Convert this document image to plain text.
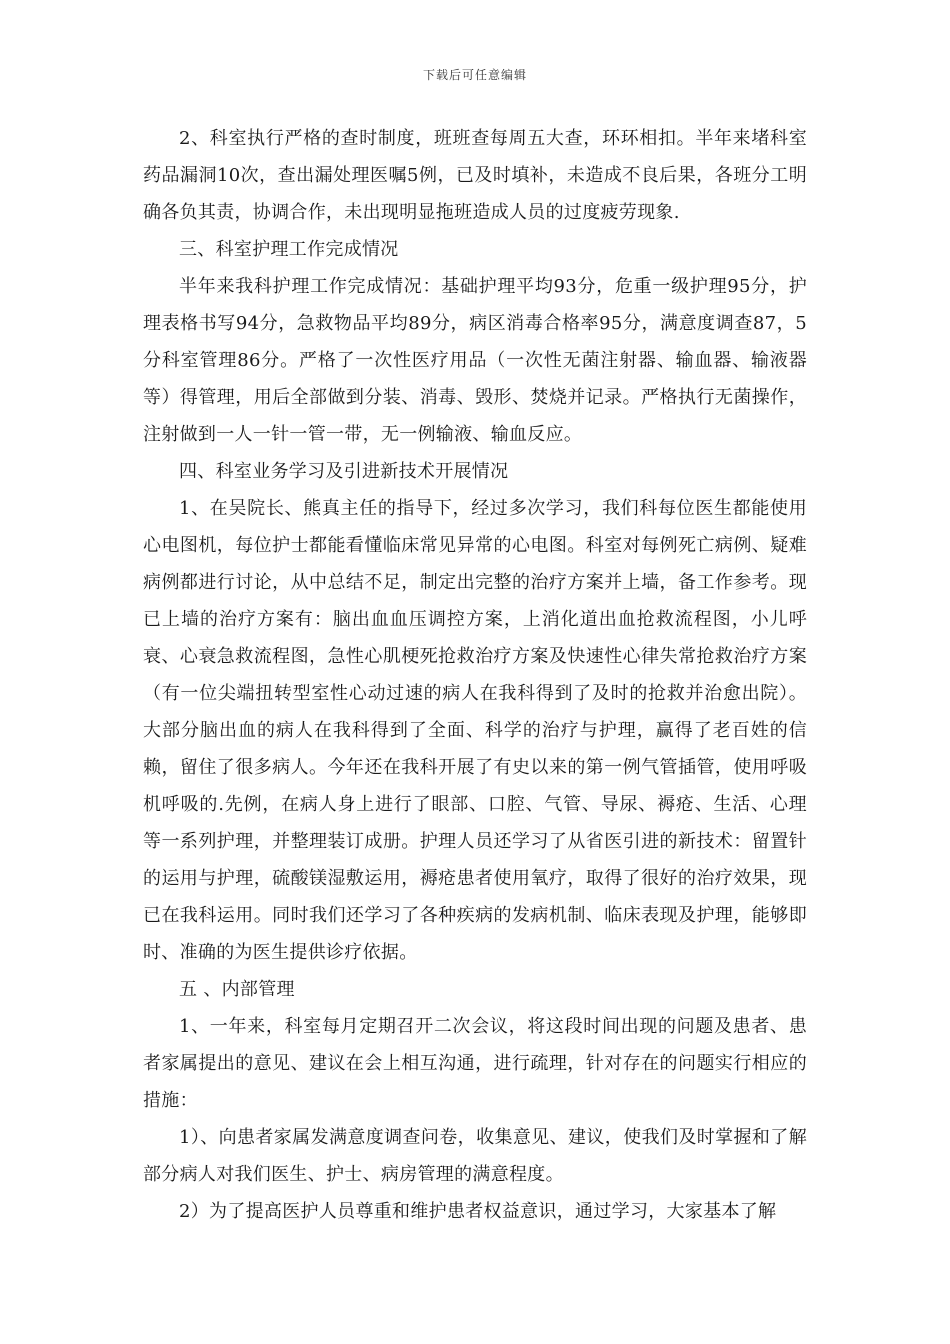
下载后可任意编辑

2、科室执行严格的查时制度，班班查每周五大查，环环相扣。半年来堵科室药品漏洞10次，查出漏处理医嘱5例，已及时填补，未造成不良后果，各班分工明确各负其责，协调合作，未出现明显拖班造成人员的过度疲劳现象.

三、科室护理工作完成情况

半年来我科护理工作完成情况：基础护理平均93分，危重一级护理95分，护理表格书写94分，急救物品平均89分，病区消毒合格率95分，满意度调查87，5分科室管理86分。严格了一次性医疗用品（一次性无菌注射器、输血器、输液器等）得管理，用后全部做到分装、消毒、毁形、焚烧并记录。严格执行无菌操作，注射做到一人一针一管一带，无一例输液、输血反应。

四、科室业务学习及引进新技术开展情况

1、在吴院长、熊真主任的指导下，经过多次学习，我们科每位医生都能使用心电图机，每位护士都能看懂临床常见异常的心电图。科室对每例死亡病例、疑难病例都进行讨论，从中总结不足，制定出完整的治疗方案并上墙，备工作参考。现已上墙的治疗方案有：脑出血血压调控方案，上消化道出血抢救流程图，小儿呼衰、心衰急救流程图，急性心肌梗死抢救治疗方案及快速性心律失常抢救治疗方案（有一位尖端扭转型室性心动过速的病人在我科得到了及时的抢救并治愈出院）。大部分脑出血的病人在我科得到了全面、科学的治疗与护理，赢得了老百姓的信赖，留住了很多病人。今年还在我科开展了有史以来的第一例气管插管，使用呼吸机呼吸的.先例，在病人身上进行了眼部、口腔、气管、导尿、褥疮、生活、心理等一系列护理，并整理装订成册。护理人员还学习了从省医引进的新技术：留置针的运用与护理，硫酸镁湿敷运用，褥疮患者使用氧疗，取得了很好的治疗效果，现已在我科运用。同时我们还学习了各种疾病的发病机制、临床表现及护理，能够即时、准确的为医生提供诊疗依据。

五 、内部管理

1、一年来，科室每月定期召开二次会议，将这段时间出现的问题及患者、患者家属提出的意见、建议在会上相互沟通，进行疏理，针对存在的问题实行相应的措施：

1）、向患者家属发满意度调查问卷，收集意见、建议，使我们及时掌握和了解部分病人对我们医生、护士、病房管理的满意程度。

2）为了提高医护人员尊重和维护患者权益意识，通过学习，大家基本了解
